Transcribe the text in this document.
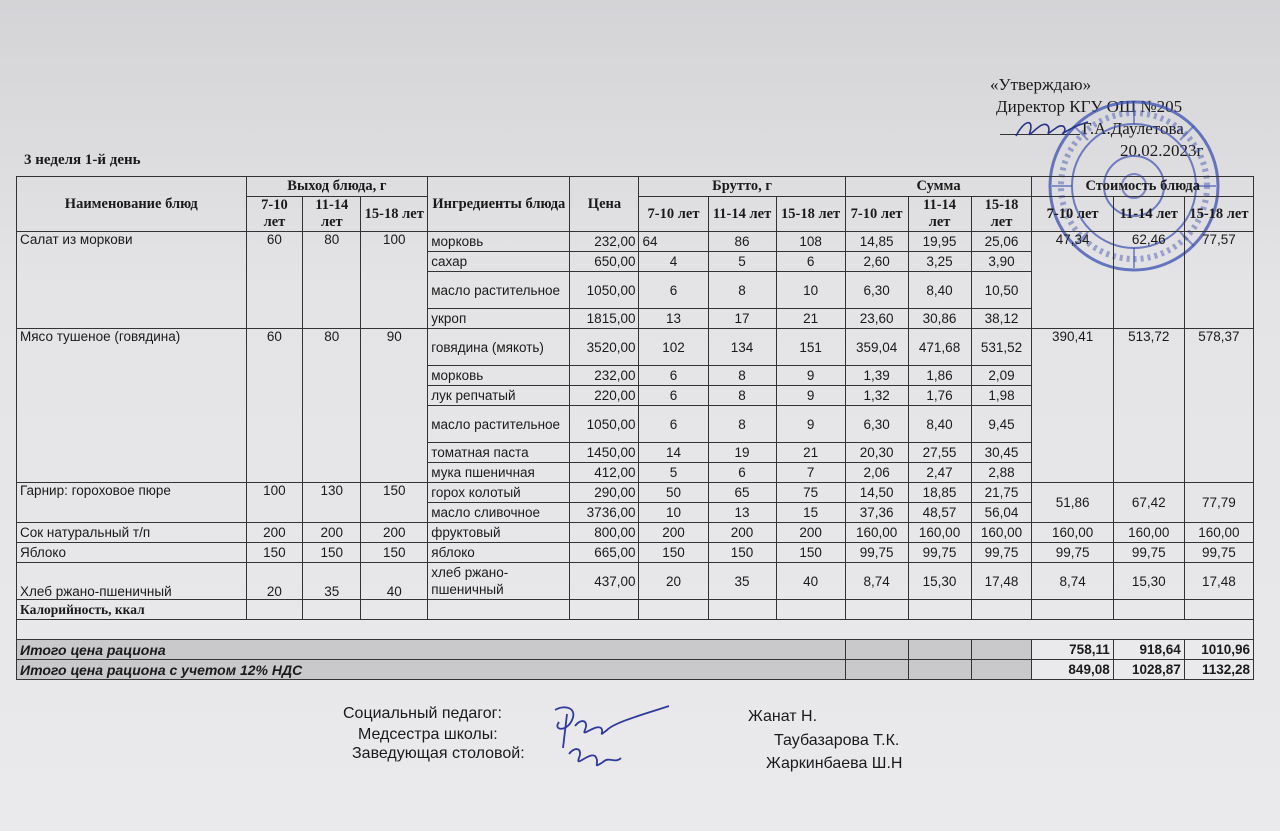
«Утверждаю»
Директор КГУ ОШ №205
Г.А.Даулетова
20.02.2023г
3 неделя 1-й день
Наименование блюд	Выход блюда, г			Ингредиенты блюда	Цена	Брутто, г			Сумма			Стоимость блюда		
	7-10 лет	11-14 лет	15-18 лет			7-10 лет	11-14 лет	15-18 лет	7-10 лет	11-14 лет	15-18 лет	7-10 лет	11-14 лет	15-18 лет
Салат из моркови	60	80	100	морковь	232,00	64	86	108	14,85	19,95	25,06	47,34	62,46	77,57
				сахар	650,00	4	5	6	2,60	3,25	3,90			
				масло растительное	1050,00	6	8	10	6,30	8,40	10,50			
				укроп	1815,00	13	17	21	23,60	30,86	38,12			
Мясо тушеное (говядина)	60	80	90	говядина (мякоть)	3520,00	102	134	151	359,04	471,68	531,52	390,41	513,72	578,37
				морковь	232,00	6	8	9	1,39	1,86	2,09			
				лук репчатый	220,00	6	8	9	1,32	1,76	1,98			
				масло растительное	1050,00	6	8	9	6,30	8,40	9,45			
				томатная паста	1450,00	14	19	21	20,30	27,55	30,45			
				мука пшеничная	412,00	5	6	7	2,06	2,47	2,88			
Гарнир: гороховое пюре	100	130	150	горох колотый	290,00	50	65	75	14,50	18,85	21,75	51,86	67,42	77,79
				масло сливочное	3736,00	10	13	15	37,36	48,57	56,04			
Сок натуральный т/п	200	200	200	фруктовый	800,00	200	200	200	160,00	160,00	160,00	160,00	160,00	160,00
Яблоко	150	150	150	яблоко	665,00	150	150	150	99,75	99,75	99,75	99,75	99,75	99,75
Хлеб ржано-пшеничный	20	35	40	хлеб ржано-пшеничный	437,00	20	35	40	8,74	15,30	17,48	8,74	15,30	17,48
Калорийность, ккал														

Итого цена рациона												758,11	918,64	1010,96
Итого цена рациона с учетом 12% НДС												849,08	1028,87	1132,28
Социальный педагог:	Жанат Н.
Медсестра школы:	Таубазарова Т.К.
Заведующая столовой:
Жаркинбаева Ш.Н
